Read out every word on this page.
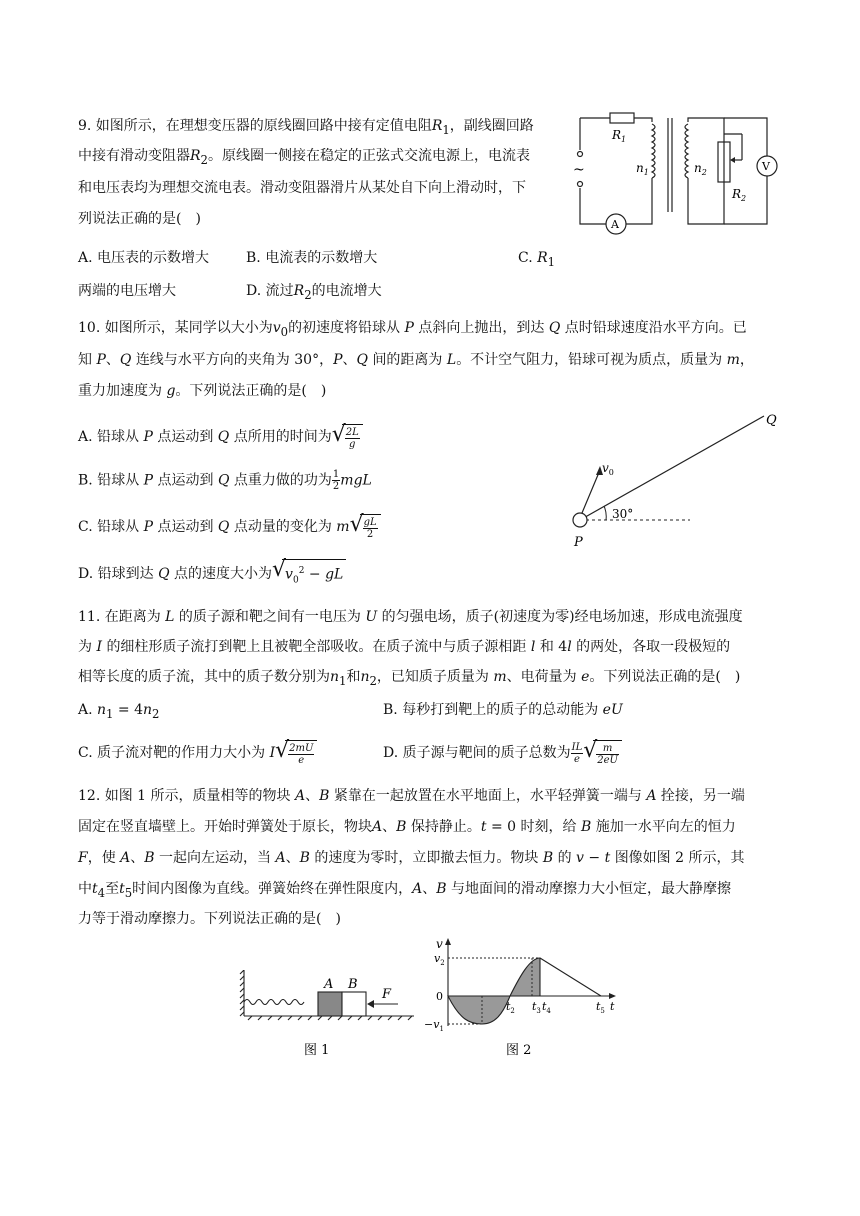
9. 如图所示，在理想变压器的原线圈回路中接有定值电阻$R_1$，副线圈回路
中接有滑动变阻器$R_2$。原线圈一侧接在稳定的正弦式交流电源上，电流表
和电压表均为理想交流电表。滑动变阻器滑片从某处自下向上滑动时，下
列说法正确的是(　)
A. 电压表的示数增大	B. 电流表的示数增大	C. $R_1$
两端的电压增大	D. 流过$R_2$的电流增大
$R_1$
$n_1$	$n_2$
$R_2$
A
V
~
10. 如图所示，某同学以大小为$v_0$的初速度将铅球从 P 点斜向上抛出，到达 Q 点时铅球速度沿水平方向。已
知 P、Q 连线与水平方向的夹角为 30°，P、Q 间的距离为 L。不计空气阻力，铅球可视为质点，质量为 m，
重力加速度为 g。下列说法正确的是(　)
A. 铅球从 P 点运动到 Q 点所用的时间为 √
$\frac{2L}{g}$
B. 铅球从 P 点运动到 Q 点重力做的功为 $\frac{1}{2}$ mgL
C. 铅球从 P 点运动到 Q 点动量的变化为 m √
$\frac{gL}{2}$
D. 铅球到达 Q 点的速度大小为 √
$v_0^2$ − gL
Q
P
$v_0$
30°
11. 在距离为 L 的质子源和靶之间有一电压为 U 的匀强电场，质子(初速度为零)经电场加速，形成电流强度
为 I 的细柱形质子流打到靶上且被靶全部吸收。在质子流中与质子源相距 l 和 4l 的两处，各取一段极短的
相等长度的质子流，其中的质子数分别为$n_1$和$n_2$，已知质子质量为 m、电荷量为 e。下列说法正确的是(　)
A. $n_1 = 4n_2$	B. 每秒打到靶上的质子的总动能为 eU
C. 质子流对靶的作用力大小为 I √
$\frac{2mU}{e}$	D. 质子源与靶间的质子总数为 $\frac{IL}{e}$ √
$\frac{m}{2eU}$
12. 如图 1 所示，质量相等的物块 A、B 紧靠在一起放置在水平地面上，水平轻弹簧一端与 A 拴接，另一端
固定在竖直墙壁上。开始时弹簧处于原长，物块A、B 保持静止。t = 0 时刻，给 B 施加一水平向左的恒力
F，使 A、B 一起向左运动，当 A、B 的速度为零时，立即撤去恒力。物块 B 的 v − t 图像如图 2 所示，其
中$t_4$至$t_5$时间内图像为直线。弹簧始终在弹性限度内，A、B 与地面间的滑动摩擦力大小恒定，最大静摩擦
力等于滑动摩擦力。下列说法正确的是(　)
A B
F
图 1
v
$v_2$
0
$-v_1$
$t_2$ $t_3$ $t_4$	$t_5$ t
图 2
